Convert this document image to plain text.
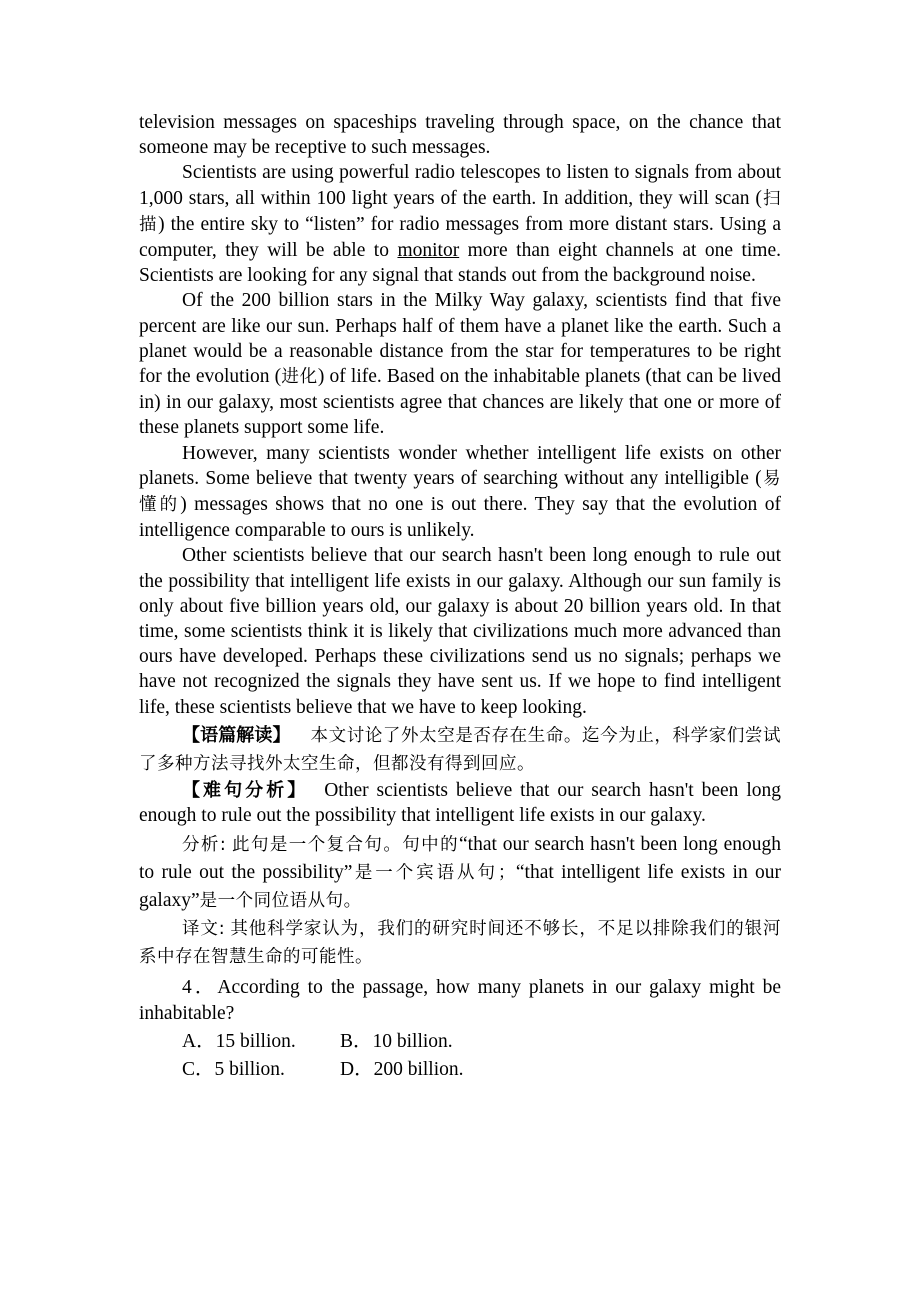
television messages on spaceships traveling through space, on the chance that someone may be receptive to such messages.

Scientists are using powerful radio telescopes to listen to signals from about 1,000 stars, all within 100 light years of the earth. In addition, they will scan (扫描) the entire sky to “listen” for radio messages from more distant stars. Using a computer, they will be able to monitor more than eight channels at one time. Scientists are looking for any signal that stands out from the background noise.

Of the 200 billion stars in the Milky Way galaxy, scientists find that five percent are like our sun. Perhaps half of them have a planet like the earth. Such a planet would be a reasonable distance from the star for temperatures to be right for the evolution (进化) of life. Based on the inhabitable planets (that can be lived in) in our galaxy, most scientists agree that chances are likely that one or more of these planets support some life.

However, many scientists wonder whether intelligent life exists on other planets. Some believe that twenty years of searching without any intelligible (易懂的) messages shows that no one is out there. They say that the evolution of intelligence comparable to ours is unlikely.

Other scientists believe that our search hasn't been long enough to rule out the possibility that intelligent life exists in our galaxy. Although our sun family is only about five billion years old, our galaxy is about 20 billion years old. In that time, some scientists think it is likely that civilizations much more advanced than ours have developed. Perhaps these civilizations send us no signals; perhaps we have not recognized the signals they have sent us. If we hope to find intelligent life, these scientists believe that we have to keep looking.

【语篇解读】 本文讨论了外太空是否存在生命。迄今为止，科学家们尝试了多种方法寻找外太空生命，但都没有得到回应。

【难句分析】 Other scientists believe that our search hasn't been long enough to rule out the possibility that intelligent life exists in our galaxy.

分析: 此句是一个复合句。句中的“that our search hasn't been long enough to rule out the possibility”是一个宾语从句；“that intelligent life exists in our galaxy”是一个同位语从句。

译文: 其他科学家认为，我们的研究时间还不够长，不足以排除我们的银河系中存在智慧生命的可能性。

4．According to the passage, how many planets in our galaxy might be inhabitable?

A．15 billion.	B．10 billion.
C．5 billion.	D．200 billion.
